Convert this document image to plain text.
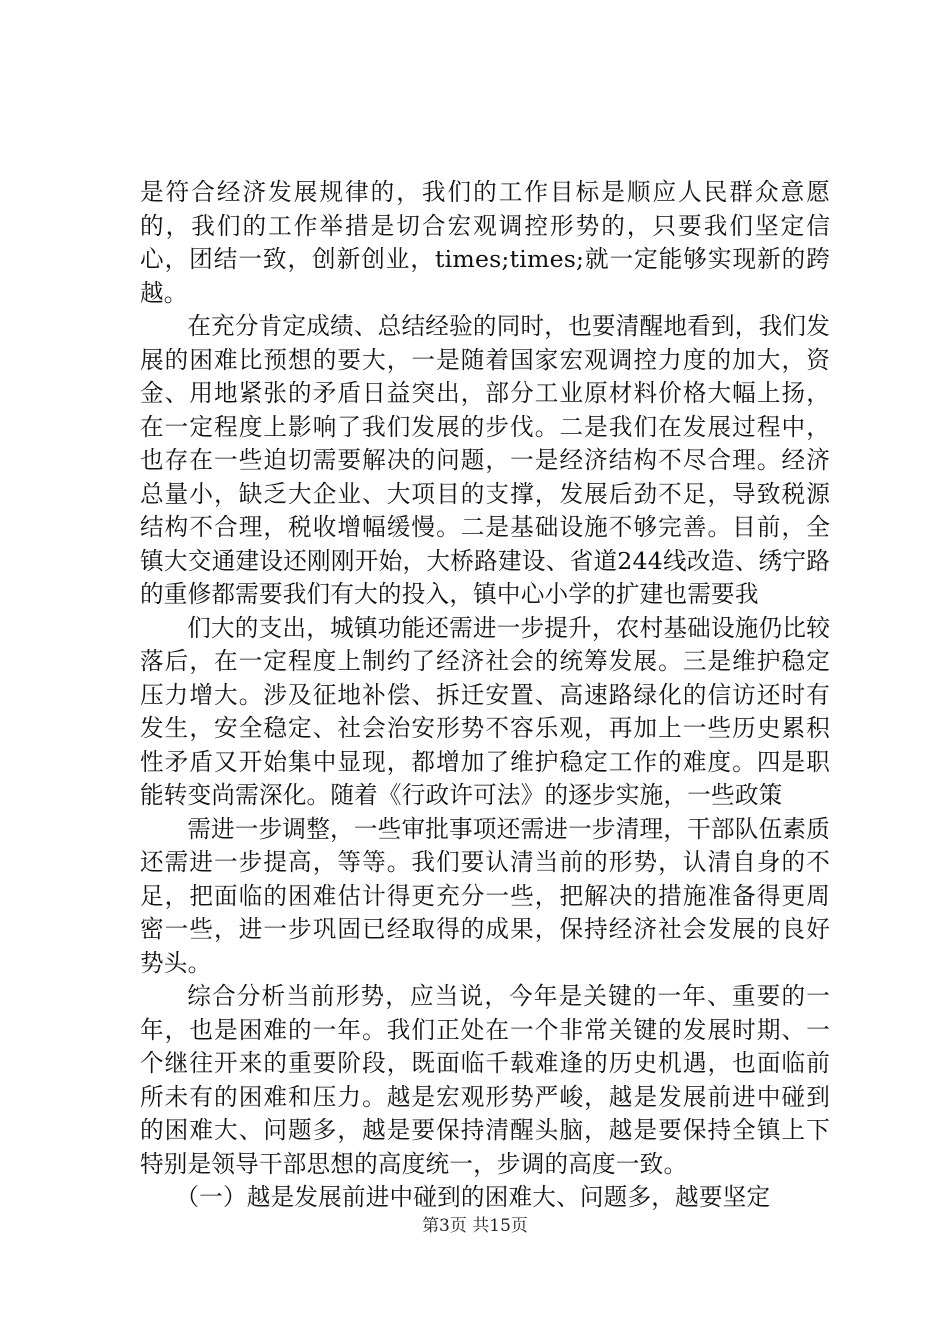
是符合经济发展规律的，我们的工作目标是顺应人民群众意愿的，我们的工作举措是切合宏观调控形势的，只要我们坚定信心，团结一致，创新创业，times;times;就一定能够实现新的跨越。

在充分肯定成绩、总结经验的同时，也要清醒地看到，我们发展的困难比预想的要大，一是随着国家宏观调控力度的加大，资金、用地紧张的矛盾日益突出，部分工业原材料价格大幅上扬，在一定程度上影响了我们发展的步伐。二是我们在发展过程中，也存在一些迫切需要解决的问题，一是经济结构不尽合理。经济总量小，缺乏大企业、大项目的支撑，发展后劲不足，导致税源结构不合理，税收增幅缓慢。二是基础设施不够完善。目前，全镇大交通建设还刚刚开始，大桥路建设、省道244线改造、绣宁路的重修都需要我们有大的投入，镇中心小学的扩建也需要我

们大的支出，城镇功能还需进一步提升，农村基础设施仍比较落后，在一定程度上制约了经济社会的统筹发展。三是维护稳定压力增大。涉及征地补偿、拆迁安置、高速路绿化的信访还时有发生，安全稳定、社会治安形势不容乐观，再加上一些历史累积性矛盾又开始集中显现，都增加了维护稳定工作的难度。四是职能转变尚需深化。随着《行政许可法》的逐步实施，一些政策

需进一步调整，一些审批事项还需进一步清理，干部队伍素质还需进一步提高，等等。我们要认清当前的形势，认清自身的不足，把面临的困难估计得更充分一些，把解决的措施准备得更周密一些，进一步巩固已经取得的成果，保持经济社会发展的良好势头。

综合分析当前形势，应当说，今年是关键的一年、重要的一年，也是困难的一年。我们正处在一个非常关键的发展时期、一个继往开来的重要阶段，既面临千载难逢的历史机遇，也面临前所未有的困难和压力。越是宏观形势严峻，越是发展前进中碰到的困难大、问题多，越是要保持清醒头脑，越是要保持全镇上下特别是领导干部思想的高度统一，步调的高度一致。

（一）越是发展前进中碰到的困难大、问题多，越要坚定

第3页 共15页
